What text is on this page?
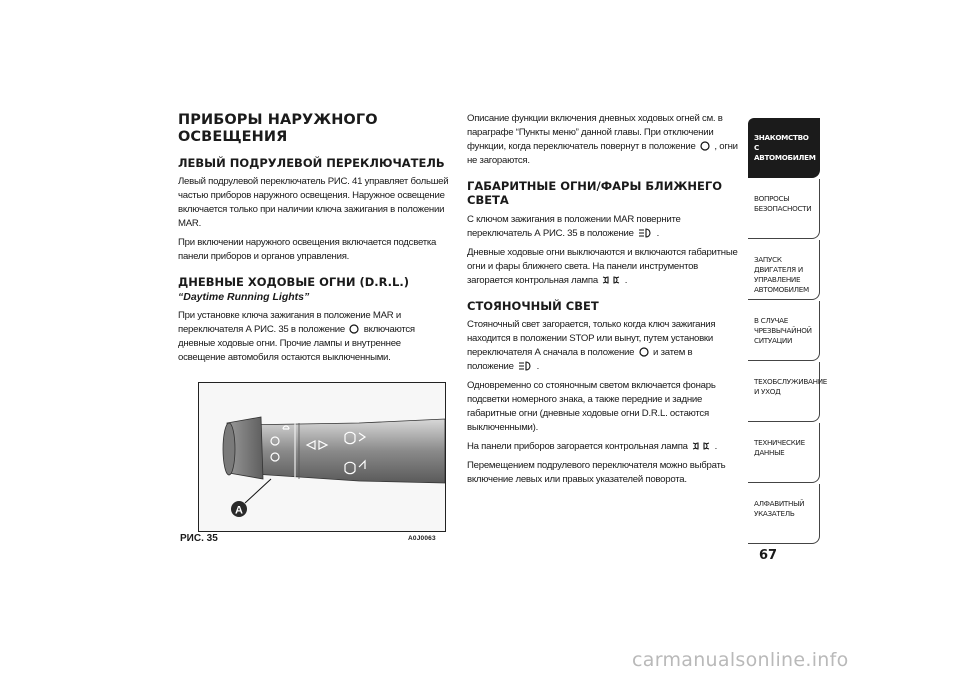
ПРИБОРЫ НАРУЖНОГО ОСВЕЩЕНИЯ
ЛЕВЫЙ ПОДРУЛЕВОЙ ПЕРЕКЛЮЧАТЕЛЬ

Левый подрулевой переключатель РИС. 41 управляет большей частью приборов наружного освещения. Наружное освещение включается только при наличии ключа зажигания в положении MAR.

При включении наружного освещения включается подсветка панели приборов и органов управления.

ДНЕВНЫЕ ХОДОВЫЕ ОГНИ (D.R.L.)
“Daytime Running Lights”

При установке ключа зажигания в положение MAR и переключателя А РИС. 35 в положение включаются дневные ходовые огни. Прочие лампы и внутреннее освещение автомобиля остаются выключенными.

A
РИС. 35	A0J0063

Описание функции включения дневных ходовых огней см. в параграфе “Пункты меню” данной главы. При отключении функции, когда переключатель повернут в положение , огни не загораются.

ГАБАРИТНЫЕ ОГНИ/ФАРЫ БЛИЖНЕГО СВЕТА

С ключом зажигания в положении MAR поверните переключатель А РИС. 35 в положение .

Дневные ходовые огни выключаются и включаются габаритные огни и фары ближнего света. На панели инструментов загорается контрольная лампа	.

СТОЯНОЧНЫЙ СВЕТ

Стояночный свет загорается, только когда ключ зажигания находится в положении STOP или вынут, путем установки переключателя А сначала в положение и затем в положение .

Одновременно со стояночным светом включается фонарь подсветки номерного знака, а также передние и задние габаритные огни (дневные ходовые огни D.R.L. остаются выключенными).

На панели приборов загорается контрольная лампа	.

Перемещением подрулевого переключателя можно выбрать включение левых или правых указателей поворота.

ЗНАКОМСТВО С АВТОМОБИЛЕМ
ВОПРОСЫ БЕЗОПАСНОСТИ
ЗАПУСК ДВИГАТЕЛЯ И УПРАВЛЕНИЕ АВТОМОБИЛЕМ
В СЛУЧАЕ ЧРЕЗВЫЧАЙНОЙ СИТУАЦИИ
ТЕХОБСЛУЖИВАНИЕ И УХОД
ТЕХНИЧЕСКИЕ ДАННЫЕ
АЛФАВИТНЫЙ УКАЗАТЕЛЬ
67
carmanualsonline.info
